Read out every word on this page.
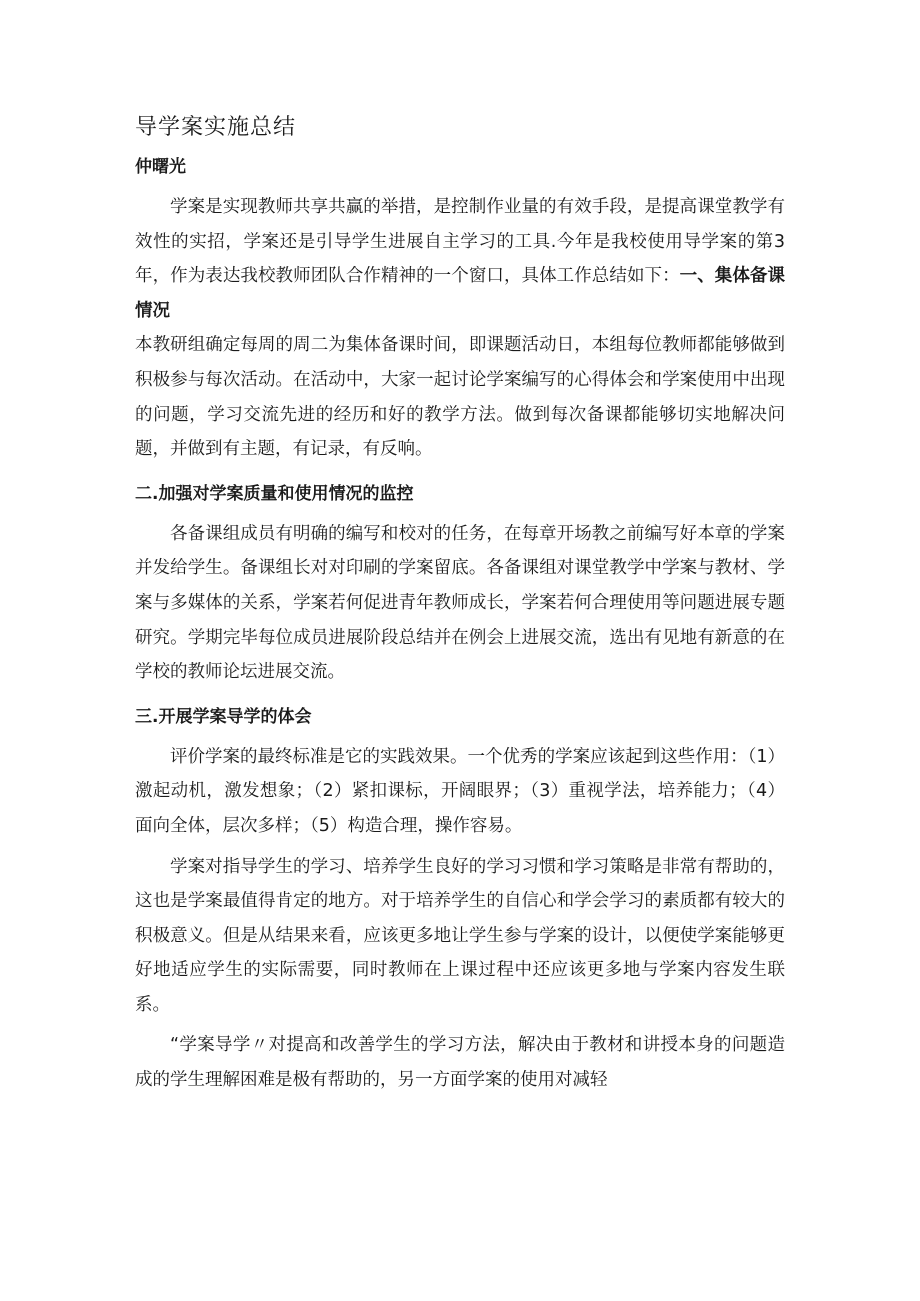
导学案实施总结

仲曙光

学案是实现教师共享共赢的举措，是控制作业量的有效手段，是提高课堂教学有效性的实招，学案还是引导学生进展自主学习的工具.今年是我校使用导学案的第3年，作为表达我校教师团队合作精神的一个窗口，具体工作总结如下：一、集体备课情况

本教研组确定每周的周二为集体备课时间，即课题活动日，本组每位教师都能够做到积极参与每次活动。在活动中，大家一起讨论学案编写的心得体会和学案使用中出现的问题，学习交流先进的经历和好的教学方法。做到每次备课都能够切实地解决问题，并做到有主题，有记录，有反响。

二.加强对学案质量和使用情况的监控

各备课组成员有明确的编写和校对的任务，在每章开场教之前编写好本章的学案并发给学生。备课组长对对印刷的学案留底。各备课组对课堂教学中学案与教材、学案与多媒体的关系，学案若何促进青年教师成长，学案若何合理使用等问题进展专题研究。学期完毕每位成员进展阶段总结并在例会上进展交流，选出有见地有新意的在学校的教师论坛进展交流。

三.开展学案导学的体会

评价学案的最终标准是它的实践效果。一个优秀的学案应该起到这些作用：（1）激起动机，激发想象；（2）紧扣课标，开阔眼界；（3）重视学法，培养能力；（4）面向全体，层次多样；（5）构造合理，操作容易。

学案对指导学生的学习、培养学生良好的学习习惯和学习策略是非常有帮助的，这也是学案最值得肯定的地方。对于培养学生的自信心和学会学习的素质都有较大的积极意义。但是从结果来看，应该更多地让学生参与学案的设计，以便使学案能够更好地适应学生的实际需要，同时教师在上课过程中还应该更多地与学案内容发生联系。

“学案导学〃对提高和改善学生的学习方法，解决由于教材和讲授本身的问题造成的学生理解困难是极有帮助的，另一方面学案的使用对减轻
